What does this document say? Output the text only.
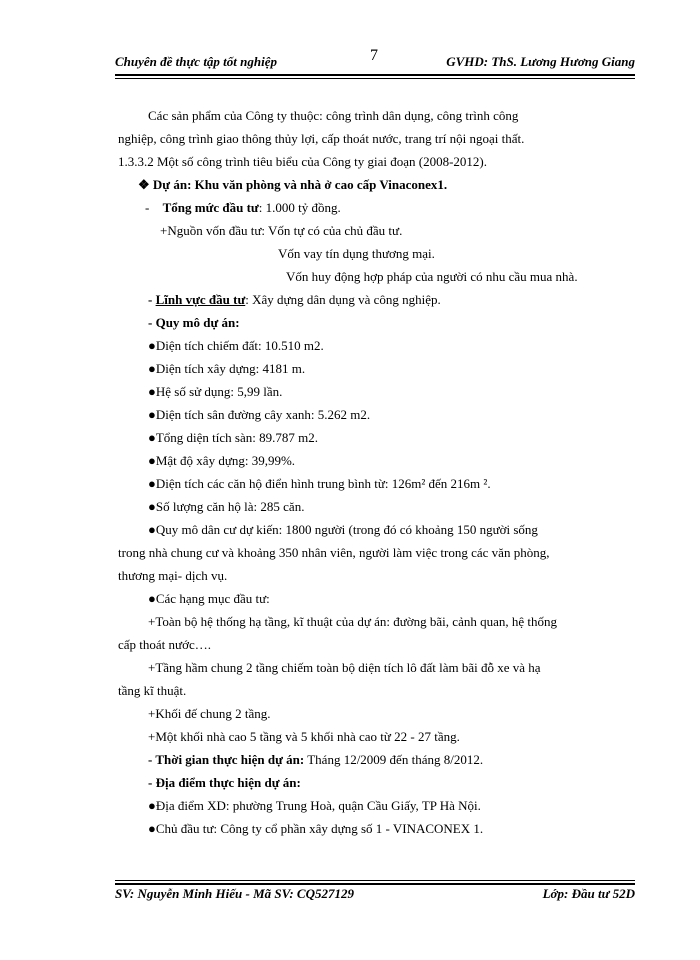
Chuyên đề thực tập tốt nghiệp	7	GVHD: ThS. Lương Hương Giang
Các sản phẩm của Công ty thuộc: công trình dân dụng, công trình công
nghiệp, công trình giao thông thủy lợi, cấp thoát nước, trang trí nội ngoại thất.
1.3.3.2 Một số công trình tiêu biểu của Công ty giai đoạn (2008-2012).
❖ Dự án: Khu văn phòng và nhà ở cao cấp Vinaconex1.
- Tổng mức đầu tư: 1.000 tỷ đồng.
+Nguồn vốn đầu tư: Vốn tự có của chủ đầu tư.
Vốn vay tín dụng thương mại.
Vốn huy động hợp pháp của người có nhu cầu mua nhà.
- Lĩnh vực đầu tư: Xây dựng dân dụng và công nghiệp.
- Quy mô dự án:
●Diện tích chiếm đất: 10.510 m2.
●Diện tích xây dựng: 4181 m.
●Hệ số sử dụng: 5,99 lần.
●Diện tích sân đường cây xanh: 5.262 m2.
●Tổng diện tích sàn: 89.787 m2.
●Mật độ xây dựng: 39,99%.
●Diện tích các căn hộ điển hình trung bình từ: 126m² đến 216m ².
●Số lượng căn hộ là: 285 căn.
●Quy mô dân cư dự kiến: 1800 người (trong đó có khoảng 150 người sống
trong nhà chung cư và khoảng 350 nhân viên, người làm việc trong các văn phòng,
thương mại- dịch vụ.
●Các hạng mục đầu tư:
+Toàn bộ hệ thống hạ tầng, kĩ thuật của dự án: đường bãi, cảnh quan, hệ thống
cấp thoát nước….
+Tầng hầm chung 2 tầng chiếm toàn bộ diện tích lô đất làm bãi đỗ xe và hạ
tầng kĩ thuật.
+Khối đế chung 2 tầng.
+Một khối nhà cao 5 tầng và 5 khối nhà cao từ 22 - 27 tầng.
- Thời gian thực hiện dự án: Tháng 12/2009 đến tháng 8/2012.
- Địa điểm thực hiện dự án:
●Địa điểm XD: phường Trung Hoà, quận Cầu Giấy, TP Hà Nội.
●Chủ đầu tư: Công ty cổ phần xây dựng số 1 - VINACONEX 1.
SV: Nguyễn Minh Hiếu - Mã SV: CQ527129	Lớp: Đầu tư 52D
